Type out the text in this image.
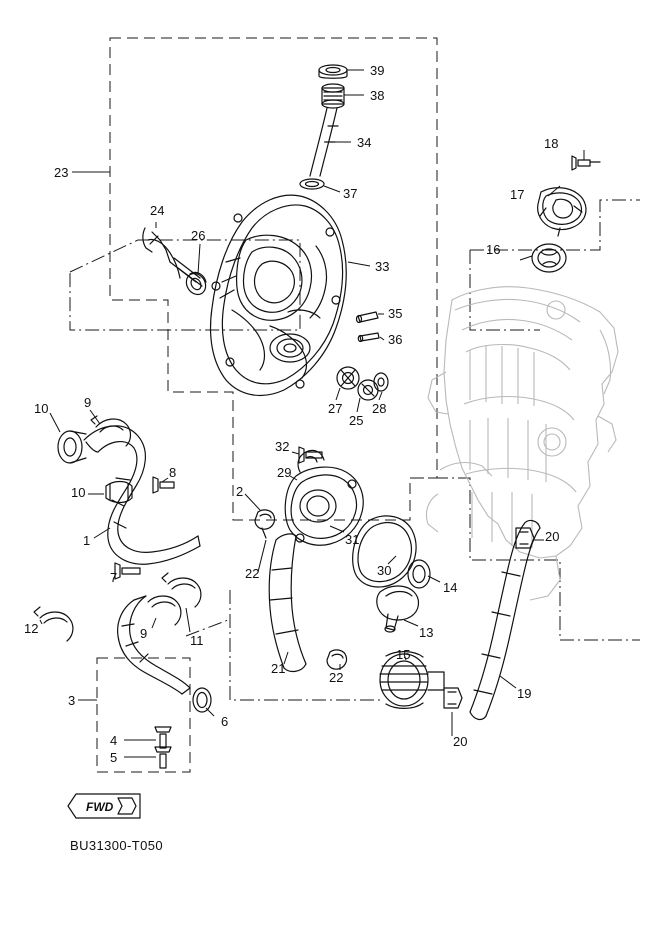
39
38
34	18
23
37	17
24
26
16
33
35
36
27
25
28
10	9
32
29
8
10	2
1	20
31
30
7	22
14
12	9	11
13
15
21
22
19
3
6
20
4
5
FWD
BU31300-T050
